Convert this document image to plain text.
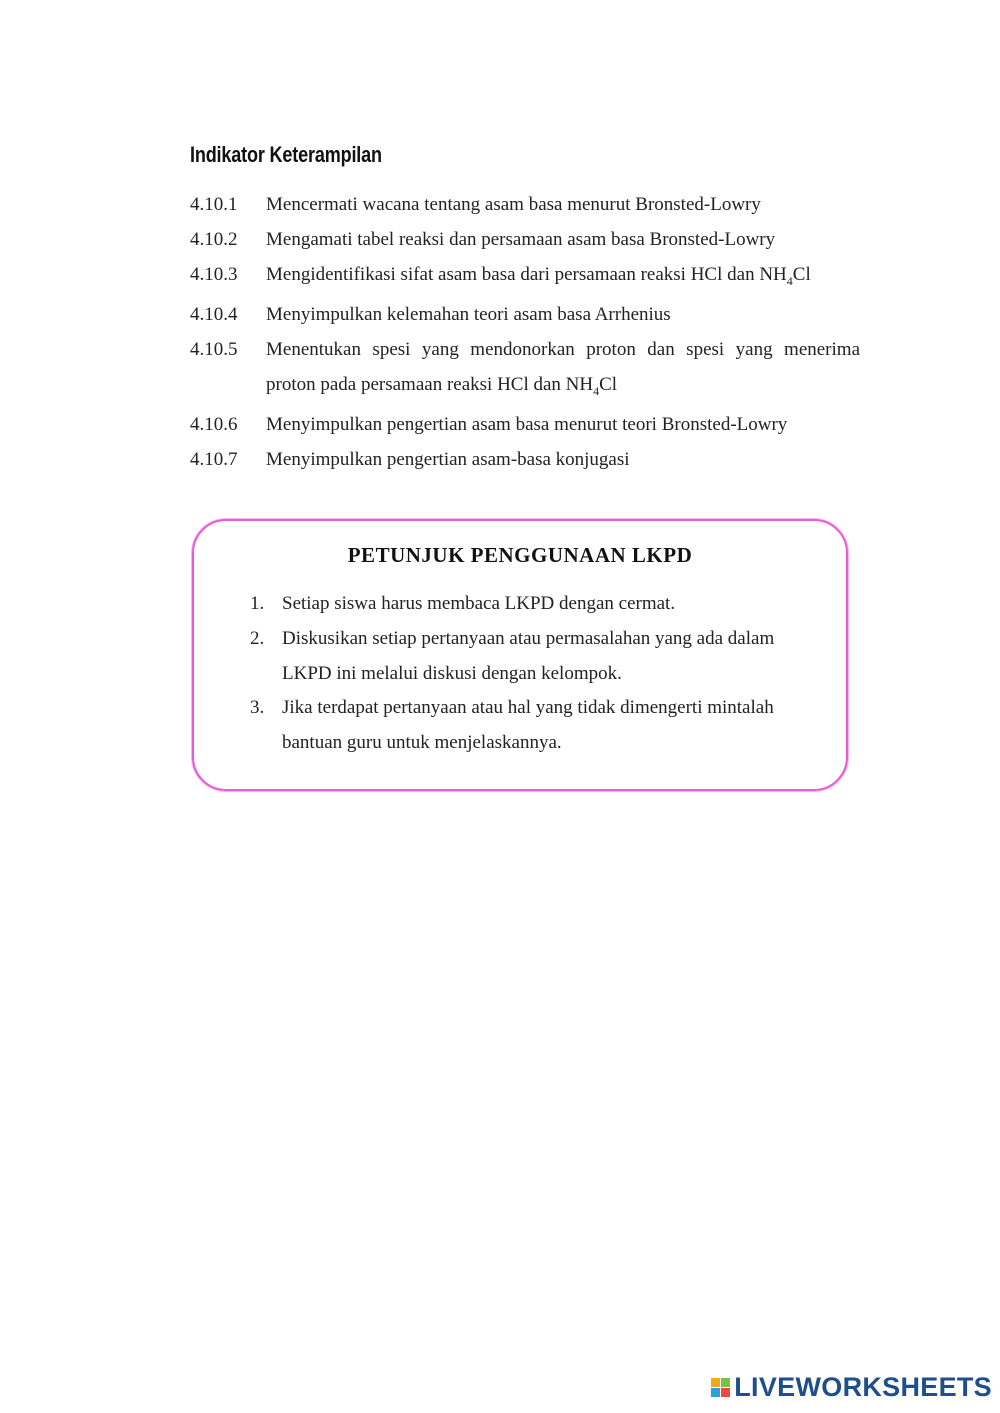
Indikator Keterampilan
4.10.1	Mencermati wacana tentang asam basa menurut Bronsted-Lowry
4.10.2	Mengamati tabel reaksi dan persamaan asam basa Bronsted-Lowry
4.10.3	Mengidentifikasi sifat asam basa dari persamaan reaksi HCl dan $NH_4Cl$
4.10.4	Menyimpulkan kelemahan teori asam basa Arrhenius
4.10.5	Menentukan spesi yang mendonorkan proton dan spesi yang menerima
proton pada persamaan reaksi HCl dan $NH_4Cl$
4.10.6	Menyimpulkan pengertian asam basa menurut teori Bronsted-Lowry
4.10.7	Menyimpulkan pengertian asam-basa konjugasi
PETUNJUK PENGGUNAAN LKPD
1. Setiap siswa harus membaca LKPD dengan cermat.
2. Diskusikan setiap pertanyaan atau permasalahan yang ada dalam
LKPD ini melalui diskusi dengan kelompok.
3. Jika terdapat pertanyaan atau hal yang tidak dimengerti mintalah
bantuan guru untuk menjelaskannya.
LIVEWORKSHEETS
